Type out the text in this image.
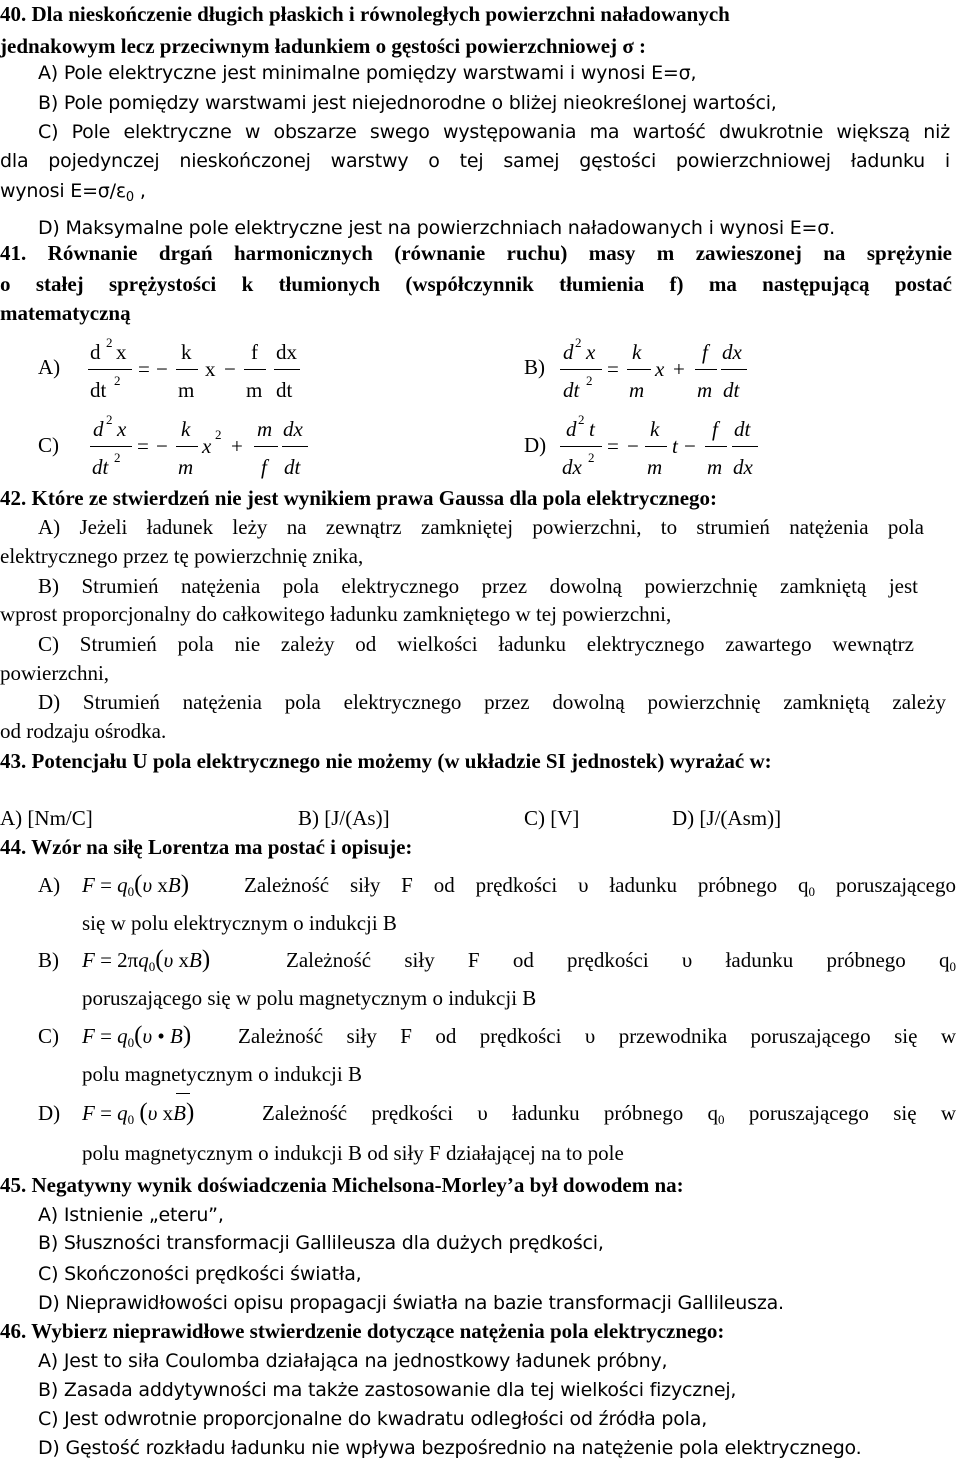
40. Dla nieskończenie długich płaskich i równoległych powierzchni naładowanych
jednakowym lecz przeciwnym ładunkiem o gęstości powierzchniowej σ :
A) Pole elektryczne jest minimalne pomiędzy warstwami i wynosi E=σ,
B) Pole pomiędzy warstwami jest niejednorodne o bliżej nieokreślonej wartości,
C) Pole elektryczne w obszarze swego występowania ma wartość dwukrotnie większą niż
dla pojedynczej nieskończonej warstwy o tej samej gęstości powierzchniowej ładunku i
wynosi $E=\sigma/\varepsilon_0$ ,
D) Maksymalne pole elektryczne jest na powierzchniach naładowanych i wynosi E=σ.
41. Równanie drgań harmonicznych (równanie ruchu) masy m zawieszonej na sprężynie
o stałej sprężystości k tłumionych (współczynnik tłumienia f) ma następującą postać
matematyczną
A)
d 2 x
dt 2 = −
k
m
x −
f
m
dx
dt
B)
d 2 x
dt 2 =
k
m
x +
f
m
dx
dt
C)
d 2 x
dt 2 = −
k
m
x 2 +
m
f
dx
dt
D)
d 2 t
dx 2 = −
k
m
t −
f
m
dt
dx
42. Które ze stwierdzeń nie jest wynikiem prawa Gaussa dla pola elektrycznego:
A) Jeżeli ładunek leży na zewnątrz zamkniętej powierzchni, to strumień natężenia pola
elektrycznego przez tę powierzchnię znika,
B) Strumień natężenia pola elektrycznego przez dowolną powierzchnię zamkniętą jest
wprost proporcjonalny do całkowitego ładunku zamkniętego w tej powierzchni,
C) Strumień pola nie zależy od wielkości ładunku elektrycznego zawartego wewnątrz
powierzchni,
D) Strumień natężenia pola elektrycznego przez dowolną powierzchnię zamkniętą zależy
od rodzaju ośrodka.
43. Potencjału U pola elektrycznego nie możemy (w układzie SI jednostek) wyrażać w:
A) [Nm/C]	B) [J/(As)]	C) [V]	D) [J/(Asm)]
44. Wzór na siłę Lorentza ma postać i opisuje:
A) $F = q_0(\upsilon$ xB)	Zależność siły F od prędkości υ ładunku próbnego $q_0$ poruszającego
się w polu elektrycznym o indukcji B
B) $F = 2\pi q_0(\upsilon$ xB)	Zależność siły F od prędkości υ ładunku próbnego $q_0$
poruszającego się w polu magnetycznym o indukcji B
C) $F = q_0(\upsilon$ • B) Zależność siły F od prędkości υ przewodnika poruszającego się w
polu magnetycznym o indukcji B
D) $F = q_0$ (υ xB)	Zależność prędkości υ ładunku próbnego $q_0$ poruszającego się w
polu magnetycznym o indukcji B od siły F działającej na to pole
45. Negatywny wynik doświadczenia Michelsona-Morley’a był dowodem na:
A) Istnienie „eteru”,
B) Słuszności transformacji Gallileusza dla dużych prędkości,
C) Skończoności prędkości światła,
D) Nieprawidłowości opisu propagacji światła na bazie transformacji Gallileusza.
46. Wybierz nieprawidłowe stwierdzenie dotyczące natężenia pola elektrycznego:
A) Jest to siła Coulomba działająca na jednostkowy ładunek próbny,
B) Zasada addytywności ma także zastosowanie dla tej wielkości fizycznej,
C) Jest odwrotnie proporcjonalne do kwadratu odległości od źródła pola,
D) Gęstość rozkładu ładunku nie wpływa bezpośrednio na natężenie pola elektrycznego.
